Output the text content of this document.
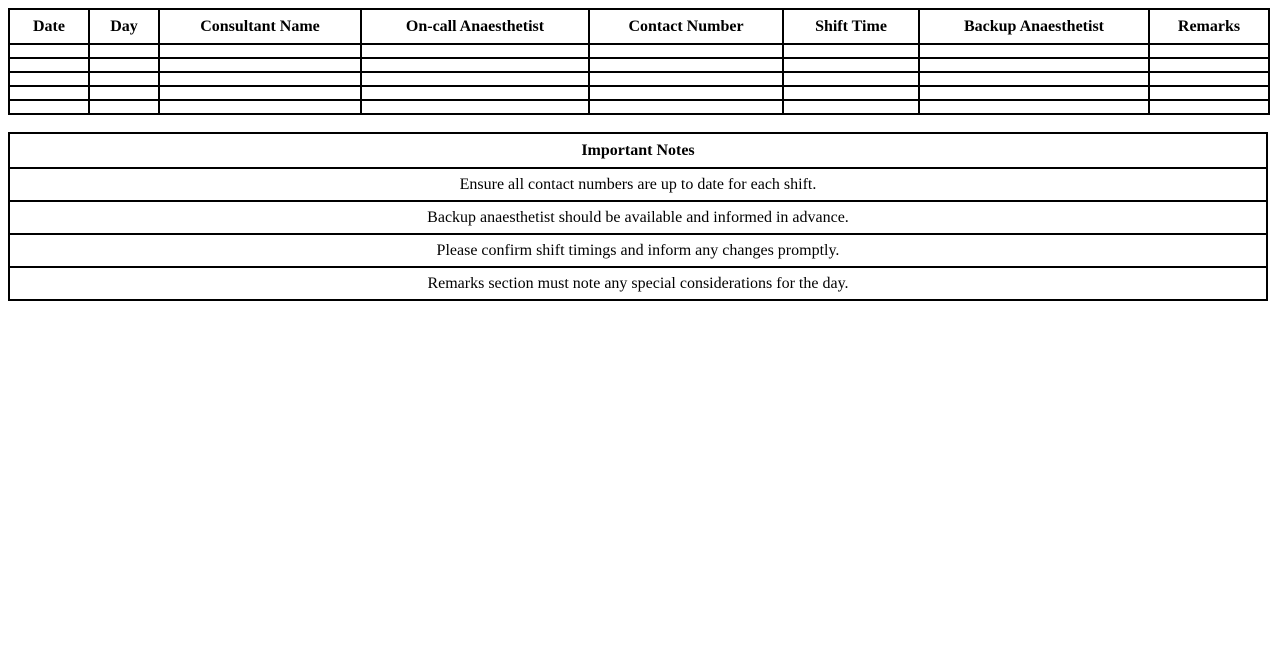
Date	Day	Consultant Name	On-call Anaesthetist	Contact Number	Shift Time	Backup Anaesthetist	Remarks

Important Notes
Ensure all contact numbers are up to date for each shift.
Backup anaesthetist should be available and informed in advance.
Please confirm shift timings and inform any changes promptly.
Remarks section must note any special considerations for the day.
